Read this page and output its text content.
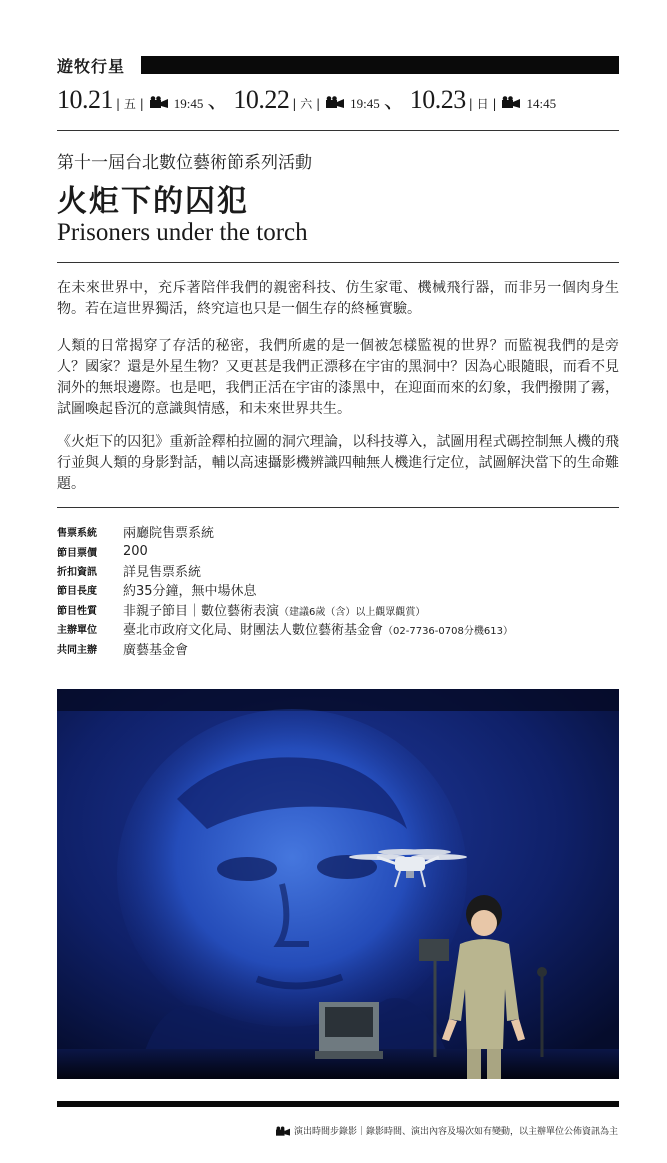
遊牧行星
10.21 | 五 | 19:45 、 10.22 | 六 | 19:45 、 10.23 | 日 | 14:45
第十一屆台北數位藝術節系列活動
火炬下的囚犯
Prisoners under the torch
在未來世界中，充斥著陪伴我們的親密科技、仿生家電、機械飛行器，而非另一個肉身生物。若在這世界獨活，終究這也只是一個生存的終極實驗。
人類的日常揭穿了存活的秘密，我們所處的是一個被怎樣監視的世界？而監視我們的是旁人？國家？還是外星生物？又更甚是我們正漂移在宇宙的黑洞中？因為心眼隨眼，而看不見洞外的無垠邊際。也是吧，我們正活在宇宙的漆黑中，在迎面而來的幻象，我們撥開了霧，試圖喚起昏沉的意識與情感，和未來世界共生。
《火炬下的囚犯》重新詮釋柏拉圖的洞穴理論，以科技導入，試圖用程式碼控制無人機的飛行並與人類的身影對話，輔以高速攝影機辨識四軸無人機進行定位，試圖解決當下的生命難題。
售票系統	兩廳院售票系統
節目票價	200
折扣資訊	詳見售票系統
節目長度	約35分鐘，無中場休息
節目性質	非親子節目｜數位藝術表演（建議6歲（含）以上觀眾觀賞）
主辦單位	臺北市政府文化局、財團法人數位藝術基金會（02-7736-0708分機613）
共同主辦	廣藝基金會
演出時間步錄影｜錄影時間、演出內容及場次如有變動，以主辦單位公佈資訊為主
